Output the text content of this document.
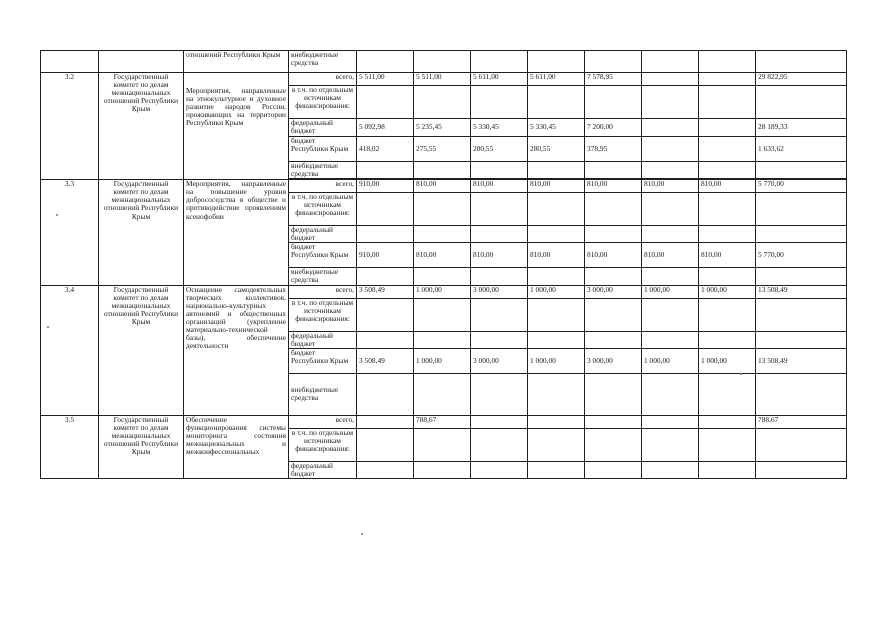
		отношений Республики Крым	внебюджетные средства								
3.2	Государственный комитет по делам межнациональных отношений Республики Крым	Мероприятия, направленные на этнокультурное и духовное развитие народов России, проживающих на территории Республики Крым	всего,	5 511,00	5 511,00	5 611,00	5 611,00	7 578,95			29 822,95
			в т.ч. по отдельным источникам финансирования:								
			федеральный бюджет	5 092,98	5 235,45	5 330,45	5 330,45	7 200,00			28 189,33
			бюджет Республики Крым	418,02	275,55	280,55	280,55	378,95			1 633,62
			внебюджетные средства								

3.3	Государственный комитет по делам межнациональных отношений Республики Крым	Мероприятия, направленные на повышение уровня добрососедства в обществе и противодействие проявлениям ксенофобии	всего,	910,00	810,00	810,00	810,00	810,00	810,00	810,00	5 770,00
			в т.ч. по отдельным источникам финансирования:								
			федеральный бюджет								
			бюджет Республики Крым	910,00	810,00	810,00	810,00	810,00	810,00	810,00	5 770,00
			внебюджетные средства								
3.4	Государственный комитет по делам межнациональных отношений Республики Крым	Оснащение самодеятельных творческих коллективов, национально-культурных автономий и общественных организаций (укрепление материально-технической базы), обеспечение деятельности	всего,	3 508,49	1 000,00	3 000,00	1 000,00	3 000,00	1 000,00	1 000,00	13 508,49
			в т.ч. по отдельным источникам финансирования:								
			федеральный бюджет								
			бюджет Республики Крым	3 508,49	1 000,00	3 000,00	1 000,00	3 000,00	1 000,00	1 000,00	13 508,49
			внебюджетные средства								
3.5	Государственный комитет по делам межнациональных отношений Республики Крым	Обеспечение функционирования системы мониторинга состояния межнациональных и межконфессиональных	всего,		788,67						788,67
			в т.ч. по отдельным источникам финансирования:								
			федеральный бюджет								
